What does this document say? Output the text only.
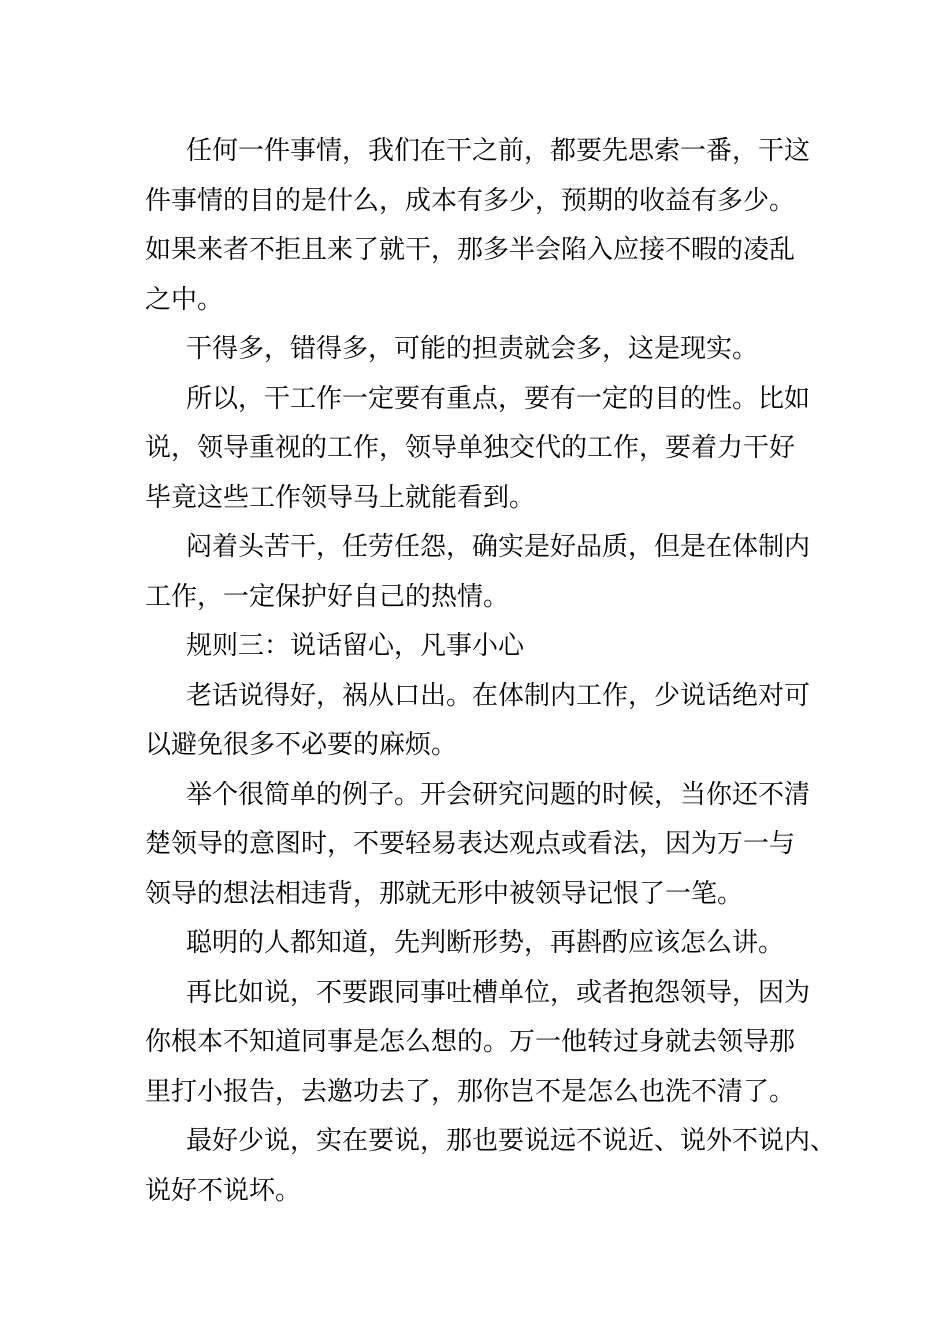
任何一件事情，我们在干之前，都要先思索一番，干这
件事情的目的是什么，成本有多少，预期的收益有多少。
如果来者不拒且来了就干，那多半会陷入应接不暇的凌乱
之中。

干得多，错得多，可能的担责就会多，这是现实。

所以，干工作一定要有重点，要有一定的目的性。比如
说，领导重视的工作，领导单独交代的工作，要着力干好
毕竟这些工作领导马上就能看到。

闷着头苦干，任劳任怨，确实是好品质，但是在体制内
工作，一定保护好自己的热情。

规则三：说话留心，凡事小心

老话说得好，祸从口出。在体制内工作，少说话绝对可
以避免很多不必要的麻烦。

举个很简单的例子。开会研究问题的时候，当你还不清
楚领导的意图时，不要轻易表达观点或看法，因为万一与
领导的想法相违背，那就无形中被领导记恨了一笔。

聪明的人都知道，先判断形势，再斟酌应该怎么讲。

再比如说，不要跟同事吐槽单位，或者抱怨领导，因为
你根本不知道同事是怎么想的。万一他转过身就去领导那
里打小报告，去邀功去了，那你岂不是怎么也洗不清了。

最好少说，实在要说，那也要说远不说近、说外不说内、
说好不说坏。
